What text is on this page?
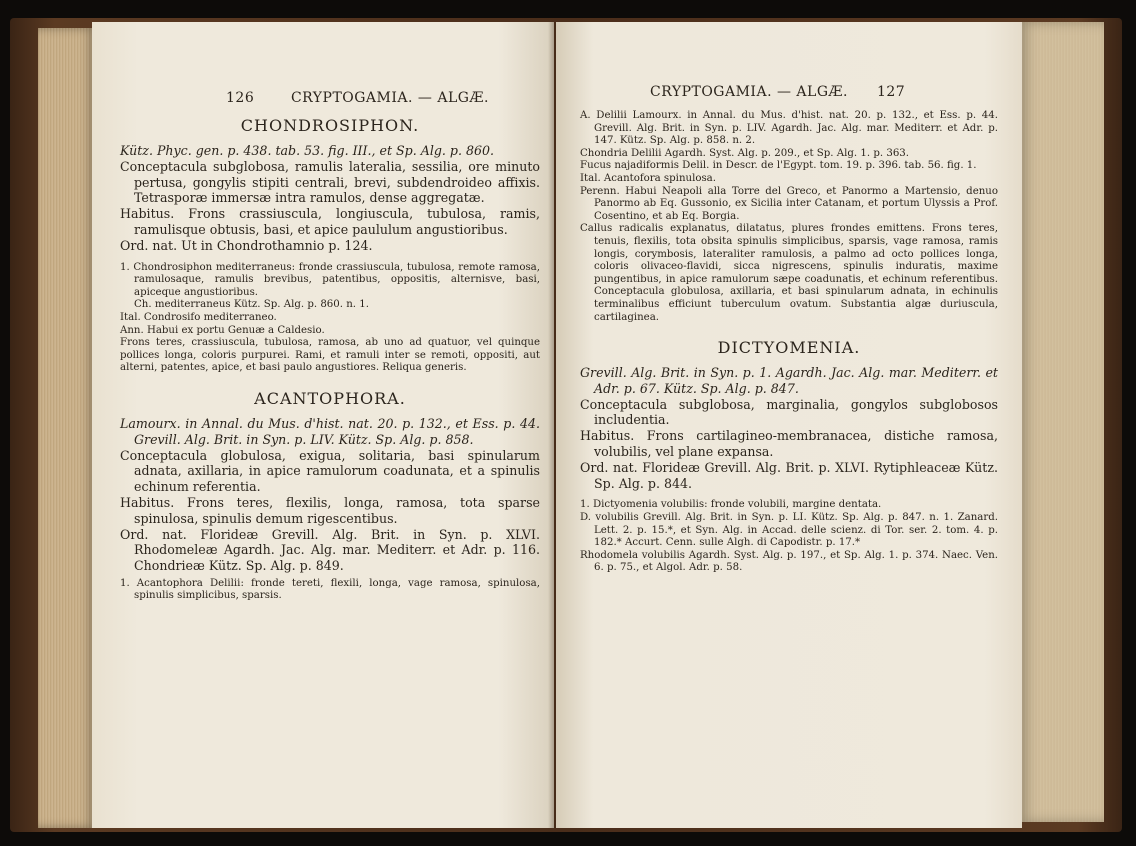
126	CRYPTOGAMIA. — ALGÆ.
CHONDROSIPHON.

Kütz. Phyc. gen. p. 438. tab. 53. fig. III., et Sp. Alg. p. 860.

Conceptacula subglobosa, ramulis lateralia, sessilia, ore minuto pertusa, gongylis stipiti centrali, brevi, subdendroideo affixis. Tetrasporæ immersæ intra ramulos, dense aggregatæ.

Habitus. Frons crassiuscula, longiuscula, tubulosa, ramis, ramulisque obtusis, basi, et apice paululum angustioribus.

Ord. nat. Ut in Chondrothamnio p. 124.

1. Chondrosiphon mediterraneus: fronde crassiuscula, tubulosa, remote ramosa, ramulosaque, ramulis brevibus, patentibus, oppositis, alternisve, basi, apiceque angustioribus.

Ch. mediterraneus Kütz. Sp. Alg. p. 860. n. 1.

Ital. Condrosifo mediterraneo.

Ann. Habui ex portu Genuæ a Caldesio.

Frons teres, crassiuscula, tubulosa, ramosa, ab uno ad quatuor, vel quinque pollices longa, coloris purpurei. Rami, et ramuli inter se remoti, oppositi, aut alterni, patentes, apice, et basi paulo angustiores. Reliqua generis.

ACANTOPHORA.

Lamourx. in Annal. du Mus. d'hist. nat. 20. p. 132., et Ess. p. 44. Grevill. Alg. Brit. in Syn. p. LIV. Kütz. Sp. Alg. p. 858.

Conceptacula globulosa, exigua, solitaria, basi spinularum adnata, axillaria, in apice ramulorum coadunata, et a spinulis echinum referentia.

Habitus. Frons teres, flexilis, longa, ramosa, tota sparse spinulosa, spinulis demum rigescentibus.

Ord. nat. Florideæ Grevill. Alg. Brit. in Syn. p. XLVI. Rhodomeleæ Agardh. Jac. Alg. mar. Mediterr. et Adr. p. 116. Chondrieæ Kütz. Sp. Alg. p. 849.

1. Acantophora Delilii: fronde tereti, flexili, longa, vage ramosa, spinulosa, spinulis simplicibus, sparsis.

CRYPTOGAMIA. — ALGÆ. 127

A. Delilii Lamourx. in Annal. du Mus. d'hist. nat. 20. p. 132., et Ess. p. 44. Grevill. Alg. Brit. in Syn. p. LIV. Agardh. Jac. Alg. mar. Mediterr. et Adr. p. 147. Kütz. Sp. Alg. p. 858. n. 2.

Chondria Delilii Agardh. Syst. Alg. p. 209., et Sp. Alg. 1. p. 363.

Fucus najadiformis Delil. in Descr. de l'Egypt. tom. 19. p. 396. tab. 56. fig. 1.

Ital. Acantofora spinulosa.

Perenn. Habui Neapoli alla Torre del Greco, et Panormo a Martensio, denuo Panormo ab Eq. Gussonio, ex Sicilia inter Catanam, et portum Ulyssis a Prof. Cosentino, et ab Eq. Borgia.

Callus radicalis explanatus, dilatatus, plures frondes emittens. Frons teres, tenuis, flexilis, tota obsita spinulis simplicibus, sparsis, vage ramosa, ramis longis, corymbosis, lateraliter ramulosis, a palmo ad octo pollices longa, coloris olivaceo-flavidi, sicca nigrescens, spinulis induratis, maxime pungentibus, in apice ramulorum sæpe coadunatis, et echinum referentibus. Conceptacula globulosa, axillaria, et basi spinularum adnata, in echinulis terminalibus efficiunt tuberculum ovatum. Substantia algæ duriuscula, cartilaginea.

DICTYOMENIA.

Grevill. Alg. Brit. in Syn. p. 1. Agardh. Jac. Alg. mar. Mediterr. et Adr. p. 67. Kütz. Sp. Alg. p. 847.

Conceptacula subglobosa, marginalia, gongylos subglobosos includentia.

Habitus. Frons cartilagineo-membranacea, distiche ramosa, volubilis, vel plane expansa.

Ord. nat. Florideæ Grevill. Alg. Brit. p. XLVI. Rytiphleaceæ Kütz. Sp. Alg. p. 844.

1. Dictyomenia volubilis: fronde volubili, margine dentata.

D. volubilis Grevill. Alg. Brit. in Syn. p. LI. Kütz. Sp. Alg. p. 847. n. 1. Zanard. Lett. 2. p. 15.*, et Syn. Alg. in Accad. delle scienz. di Tor. ser. 2. tom. 4. p. 182.* Accurt. Cenn. sulle Algh. di Capodistr. p. 17.*

Rhodomela volubilis Agardh. Syst. Alg. p. 197., et Sp. Alg. 1. p. 374. Naec. Ven. 6. p. 75., et Algol. Adr. p. 58.
